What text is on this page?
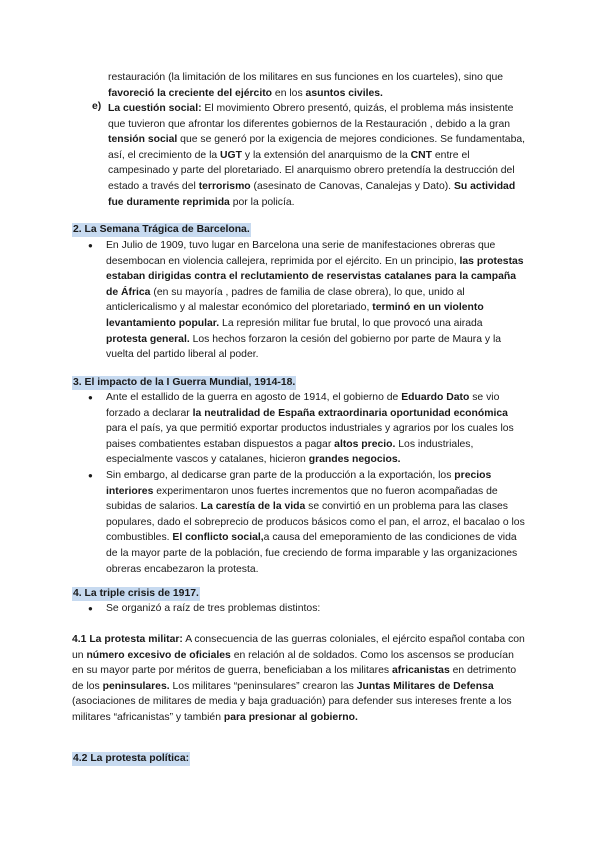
restauración (la limitación de los militares en sus funciones en los cuarteles), sino que favoreció la creciente del ejército en los asuntos civiles.

e) La cuestión social: El movimiento Obrero presentó, quizás, el problema más insistente que tuvieron que afrontar los diferentes gobiernos de la Restauración , debido a la gran tensión social que se generó por la exigencia de mejores condiciones. Se fundamentaba, así, el crecimiento de la UGT y la extensión del anarquismo de la CNT entre el campesinado y parte del ploretariado. El anarquismo obrero pretendía la destrucción del estado a través del terrorismo (asesinato de Canovas, Canalejas y Dato). Su actividad fue duramente reprimida por la policía.

2. La Semana Trágica de Barcelona.
● En Julio de 1909, tuvo lugar en Barcelona una serie de manifestaciones obreras que desembocan en violencia callejera, reprimida por el ejército. En un principio, las protestas estaban dirigidas contra el reclutamiento de reservistas catalanes para la campaña de África (en su mayoría , padres de familia de clase obrera), lo que, unido al anticlericalismo y al malestar económico del ploretariado, terminó en un violento levantamiento popular. La represión militar fue brutal, lo que provocó una airada protesta general. Los hechos forzaron la cesión del gobierno por parte de Maura y la vuelta del partido liberal al poder.
3. El impacto de la I Guerra Mundial, 1914-18.
● Ante el estallido de la guerra en agosto de 1914, el gobierno de Eduardo Dato se vio forzado a declarar la neutralidad de España extraordinaria oportunidad económica para el país, ya que permitió exportar productos industriales y agrarios por los cuales los paises combatientes estaban dispuestos a pagar altos precio. Los industriales, especialmente vascos y catalanes, hicieron grandes negocios.
● Sin embargo, al dedicarse gran parte de la producción a la exportación, los precios interiores experimentaron unos fuertes incrementos que no fueron acompañadas de subidas de salarios. La carestía de la vida se convirtió en un problema para las clases populares, dado el sobreprecio de producos básicos como el pan, el arroz, el bacalao o los combustibles. El conflicto social,a causa del emeporamiento de las condiciones de vida de la mayor parte de la población, fue creciendo de forma imparable y las organizaciones obreras encabezaron la protesta.
4. La triple crisis de 1917.
● Se organizó a raíz de tres problemas distintos:

4.1 La protesta militar: A consecuencia de las guerras coloniales, el ejército español contaba con un número excesivo de oficiales en relación al de soldados. Como los ascensos se producían en su mayor parte por méritos de guerra, beneficiaban a los militares africanistas en detrimento de los peninsulares. Los militares “peninsulares” crearon las Juntas Militares de Defensa (asociaciones de militares de media y baja graduación) para defender sus intereses frente a los militares “africanistas” y también para presionar al gobierno.

4.2 La protesta política:
